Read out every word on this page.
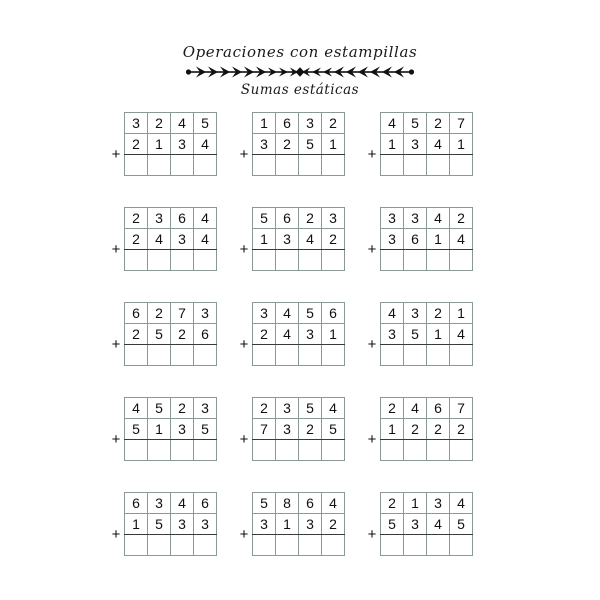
Operaciones con estampillas
Sumas estáticas
+
3	2	4	5
2	1	3	4

+
1	6	3	2
3	2	5	1

+
4	5	2	7
1	3	4	1

+
2	3	6	4
2	4	3	4

+
5	6	2	3
1	3	4	2

+
3	3	4	2
3	6	1	4

+
6	2	7	3
2	5	2	6

+
3	4	5	6
2	4	3	1

+
4	3	2	1
3	5	1	4

+
4	5	2	3
5	1	3	5

+
2	3	5	4
7	3	2	5

+
2	4	6	7
1	2	2	2

+
6	3	4	6
1	5	3	3

+
5	8	6	4
3	1	3	2

+
2	1	3	4
5	3	4	5
